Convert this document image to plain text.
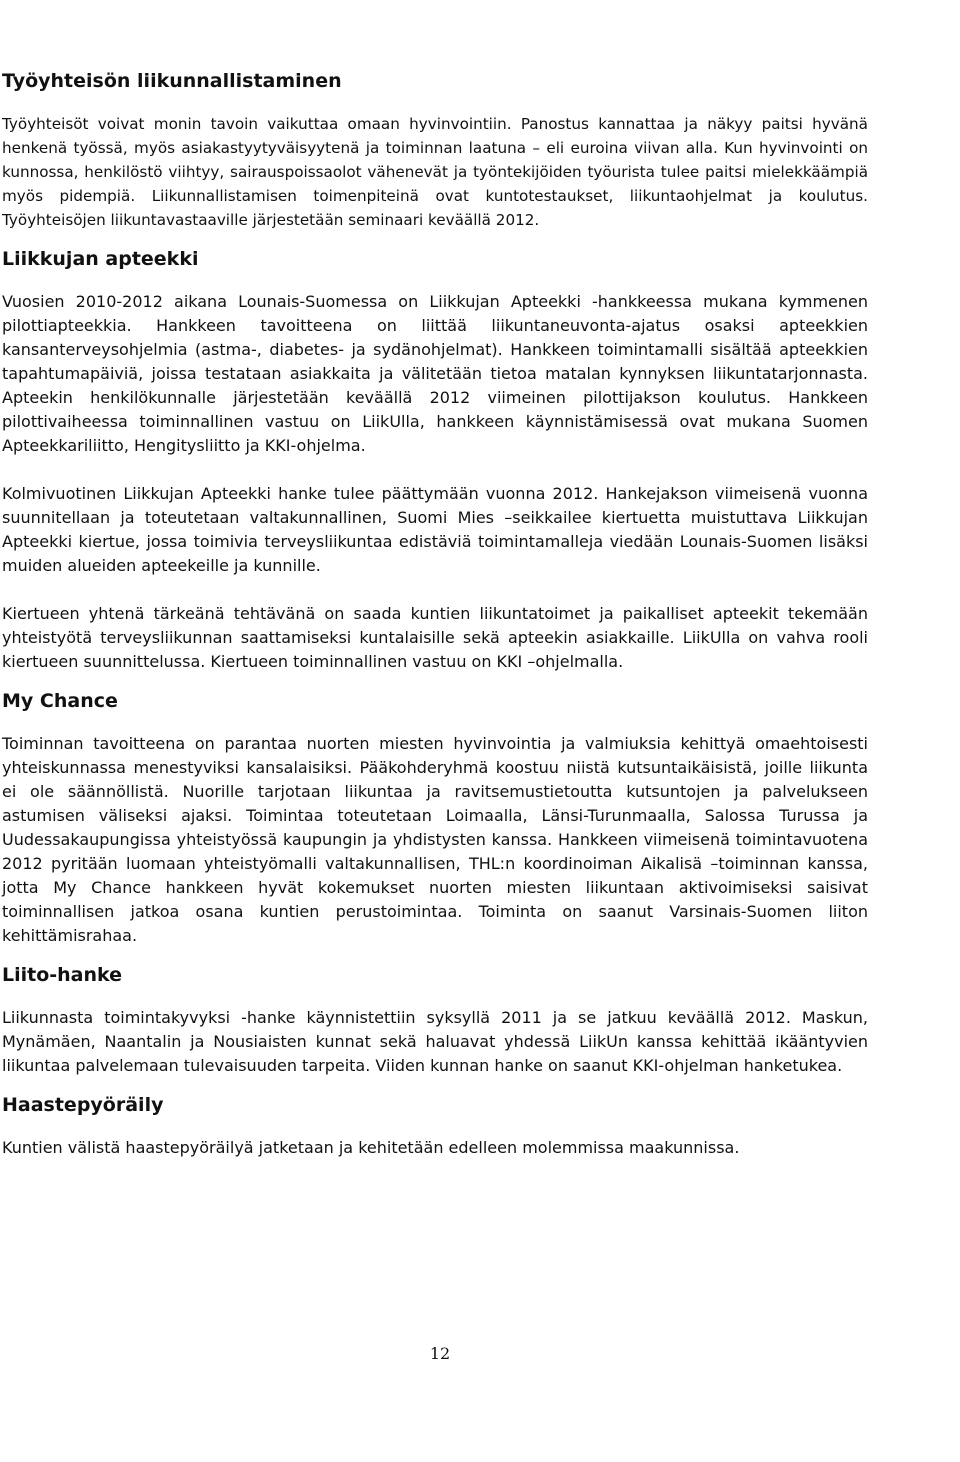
Työyhteisön liikunnallistaminen

Työyhteisöt voivat monin tavoin vaikuttaa omaan hyvinvointiin. Panostus kannattaa ja näkyy paitsi hyvänä henkenä työssä, myös asiakastyytyväisyytenä ja toiminnan laatuna – eli euroina viivan alla. Kun hyvinvointi on kunnossa, henkilöstö viihtyy, sairauspoissaolot vähenevät ja työntekijöiden työurista tulee paitsi mielekkäämpiä myös pidempiä. Liikunnallistamisen toimenpiteinä ovat kuntotestaukset, liikuntaohjelmat ja koulutus. Työyhteisöjen liikuntavastaaville järjestetään seminaari keväällä 2012.

Liikkujan apteekki

Vuosien 2010-2012 aikana Lounais-Suomessa on Liikkujan Apteekki -hankkeessa mukana kymmenen pilottiapteekkia. Hankkeen tavoitteena on liittää liikuntaneuvonta-ajatus osaksi apteekkien kansanterveysohjelmia (astma-, diabetes- ja sydänohjelmat). Hankkeen toimintamalli sisältää apteekkien tapahtumapäiviä, joissa testataan asiakkaita ja välitetään tietoa matalan kynnyksen liikuntatarjonnasta. Apteekin henkilökunnalle järjestetään keväällä 2012 viimeinen pilottijakson koulutus. Hankkeen pilottivaiheessa toiminnallinen vastuu on LiikUlla, hankkeen käynnistämisessä ovat mukana Suomen Apteekkariliitto, Hengitysliitto ja KKI-ohjelma.

Kolmivuotinen Liikkujan Apteekki hanke tulee päättymään vuonna 2012. Hankejakson viimeisenä vuonna suunnitellaan ja toteutetaan valtakunnallinen, Suomi Mies –seikkailee kiertuetta muistuttava Liikkujan Apteekki kiertue, jossa toimivia terveysliikuntaa edistäviä toimintamalleja viedään Lounais-Suomen lisäksi muiden alueiden apteekeille ja kunnille.

Kiertueen yhtenä tärkeänä tehtävänä on saada kuntien liikuntatoimet ja paikalliset apteekit tekemään yhteistyötä terveysliikunnan saattamiseksi kuntalaisille sekä apteekin asiakkaille. LiikUlla on vahva rooli kiertueen suunnittelussa. Kiertueen toiminnallinen vastuu on KKI –ohjelmalla.

My Chance

Toiminnan tavoitteena on parantaa nuorten miesten hyvinvointia ja valmiuksia kehittyä omaehtoisesti yhteiskunnassa menestyviksi kansalaisiksi. Pääkohderyhmä koostuu niistä kutsuntaikäisistä, joille liikunta ei ole säännöllistä. Nuorille tarjotaan liikuntaa ja ravitsemustietoutta kutsuntojen ja palvelukseen astumisen väliseksi ajaksi. Toimintaa toteutetaan Loimaalla, Länsi-Turunmaalla, Salossa Turussa ja Uudessakaupungissa yhteistyössä kaupungin ja yhdistysten kanssa. Hankkeen viimeisenä toimintavuotena 2012 pyritään luomaan yhteistyömalli valtakunnallisen, THL:n koordinoiman Aikalisä –toiminnan kanssa, jotta My Chance hankkeen hyvät kokemukset nuorten miesten liikuntaan aktivoimiseksi saisivat toiminnallisen jatkoa osana kuntien perustoimintaa. Toiminta on saanut Varsinais-Suomen liiton kehittämisrahaa.

Liito-hanke

Liikunnasta toimintakyvyksi -hanke käynnistettiin syksyllä 2011 ja se jatkuu keväällä 2012. Maskun, Mynämäen, Naantalin ja Nousiaisten kunnat sekä haluavat yhdessä LiikUn kanssa kehittää ikääntyvien liikuntaa palvelemaan tulevaisuuden tarpeita. Viiden kunnan hanke on saanut KKI-ohjelman hanketukea.

Haastepyöräily

Kuntien välistä haastepyöräilyä jatketaan ja kehitetään edelleen molemmissa maakunnissa.

12
